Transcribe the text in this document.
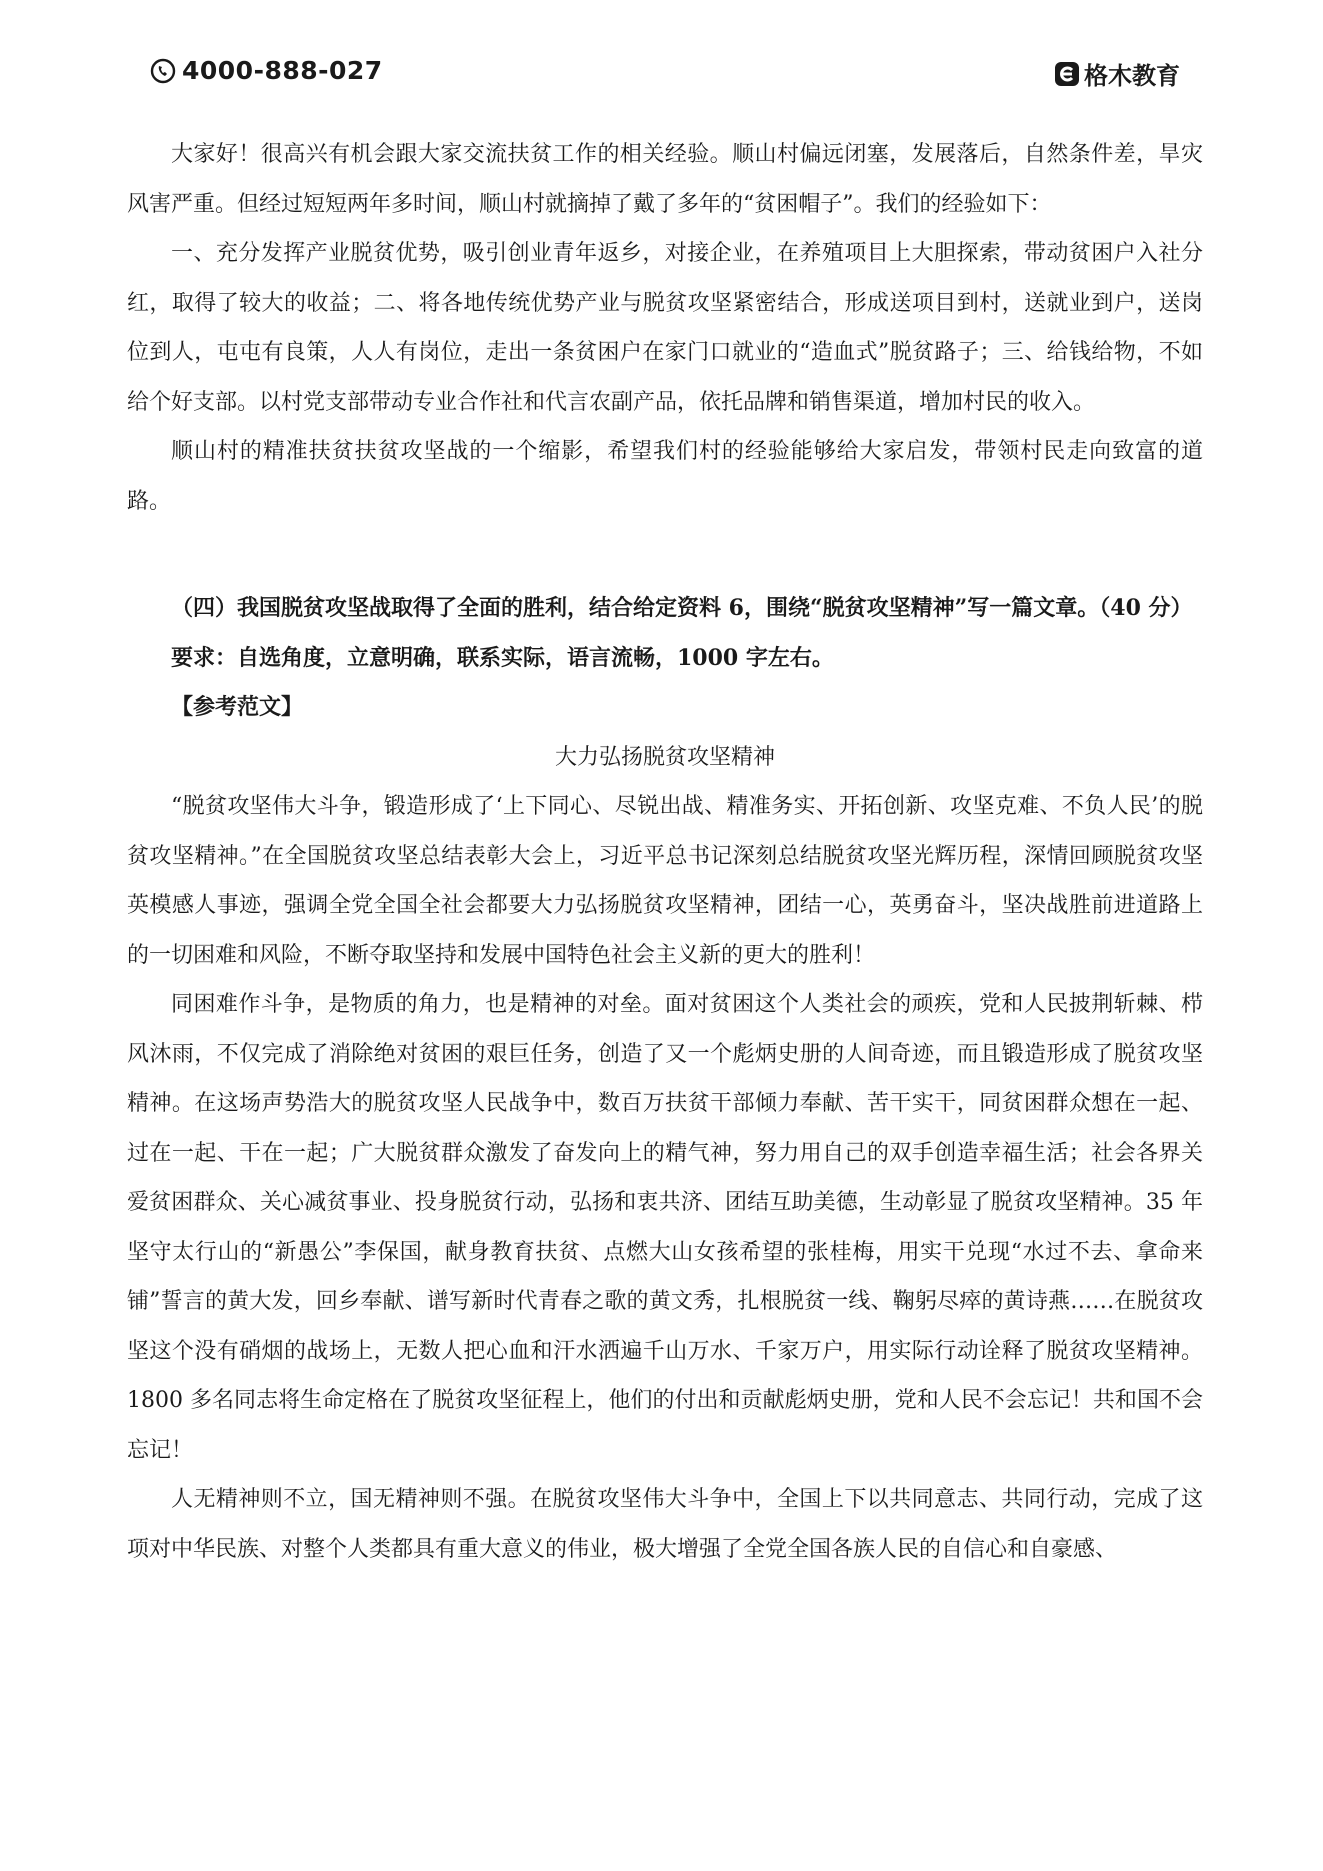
4000-888-027	格木教育

大家好！很高兴有机会跟大家交流扶贫工作的相关经验。顺山村偏远闭塞，发展落后，自然条件差，旱灾风害严重。但经过短短两年多时间，顺山村就摘掉了戴了多年的“贫困帽子”。我们的经验如下：

一、充分发挥产业脱贫优势，吸引创业青年返乡，对接企业，在养殖项目上大胆探索，带动贫困户入社分红，取得了较大的收益；二、将各地传统优势产业与脱贫攻坚紧密结合，形成送项目到村，送就业到户，送岗位到人，屯屯有良策，人人有岗位，走出一条贫困户在家门口就业的“造血式”脱贫路子；三、给钱给物，不如给个好支部。以村党支部带动专业合作社和代言农副产品，依托品牌和销售渠道，增加村民的收入。

顺山村的精准扶贫扶贫攻坚战的一个缩影，希望我们村的经验能够给大家启发，带领村民走向致富的道路。

（四）我国脱贫攻坚战取得了全面的胜利，结合给定资料 6，围绕“脱贫攻坚精神”写一篇文章。（40 分）

要求：自选角度，立意明确，联系实际，语言流畅，1000 字左右。

【参考范文】

大力弘扬脱贫攻坚精神

“脱贫攻坚伟大斗争，锻造形成了‘上下同心、尽锐出战、精准务实、开拓创新、攻坚克难、不负人民’的脱贫攻坚精神。”在全国脱贫攻坚总结表彰大会上，习近平总书记深刻总结脱贫攻坚光辉历程，深情回顾脱贫攻坚英模感人事迹，强调全党全国全社会都要大力弘扬脱贫攻坚精神，团结一心，英勇奋斗，坚决战胜前进道路上的一切困难和风险，不断夺取坚持和发展中国特色社会主义新的更大的胜利！

同困难作斗争，是物质的角力，也是精神的对垒。面对贫困这个人类社会的顽疾，党和人民披荆斩棘、栉风沐雨，不仅完成了消除绝对贫困的艰巨任务，创造了又一个彪炳史册的人间奇迹，而且锻造形成了脱贫攻坚精神。在这场声势浩大的脱贫攻坚人民战争中，数百万扶贫干部倾力奉献、苦干实干，同贫困群众想在一起、过在一起、干在一起；广大脱贫群众激发了奋发向上的精气神，努力用自己的双手创造幸福生活；社会各界关爱贫困群众、关心减贫事业、投身脱贫行动，弘扬和衷共济、团结互助美德，生动彰显了脱贫攻坚精神。35 年坚守太行山的“新愚公”李保国，献身教育扶贫、点燃大山女孩希望的张桂梅，用实干兑现“水过不去、拿命来铺”誓言的黄大发，回乡奉献、谱写新时代青春之歌的黄文秀，扎根脱贫一线、鞠躬尽瘁的黄诗燕……在脱贫攻坚这个没有硝烟的战场上，无数人把心血和汗水洒遍千山万水、千家万户，用实际行动诠释了脱贫攻坚精神。1800 多名同志将生命定格在了脱贫攻坚征程上，他们的付出和贡献彪炳史册，党和人民不会忘记！共和国不会忘记！

人无精神则不立，国无精神则不强。在脱贫攻坚伟大斗争中，全国上下以共同意志、共同行动，完成了这项对中华民族、对整个人类都具有重大意义的伟业，极大增强了全党全国各族人民的自信心和自豪感、
